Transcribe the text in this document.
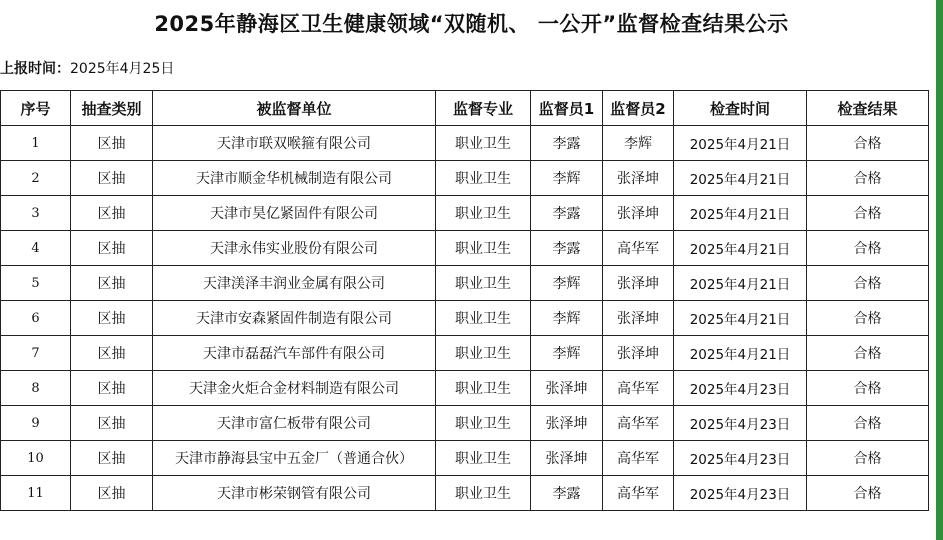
2025年静海区卫生健康领域“双随机、 一公开”监督检查结果公示
上报时间：2025年4月25日
序号	抽查类别	被监督单位	监督专业	监督员1	监督员2	检查时间	检查结果
1	区抽	天津市联双喉箍有限公司	职业卫生	李露	李辉	2025年4月21日	合格
2	区抽	天津市顺金华机械制造有限公司	职业卫生	李辉	张泽坤	2025年4月21日	合格
3	区抽	天津市昊亿紧固件有限公司	职业卫生	李露	张泽坤	2025年4月21日	合格
4	区抽	天津永伟实业股份有限公司	职业卫生	李露	高华军	2025年4月21日	合格
5	区抽	天津渼泽丰润业金属有限公司	职业卫生	李辉	张泽坤	2025年4月21日	合格
6	区抽	天津市安森紧固件制造有限公司	职业卫生	李辉	张泽坤	2025年4月21日	合格
7	区抽	天津市磊磊汽车部件有限公司	职业卫生	李辉	张泽坤	2025年4月21日	合格
8	区抽	天津金火炬合金材料制造有限公司	职业卫生	张泽坤	高华军	2025年4月23日	合格
9	区抽	天津市富仁板带有限公司	职业卫生	张泽坤	高华军	2025年4月23日	合格
10	区抽	天津市静海县宝中五金厂（普通合伙）	职业卫生	张泽坤	高华军	2025年4月23日	合格
11	区抽	天津市彬荣钢管有限公司	职业卫生	李露	高华军	2025年4月23日	合格
